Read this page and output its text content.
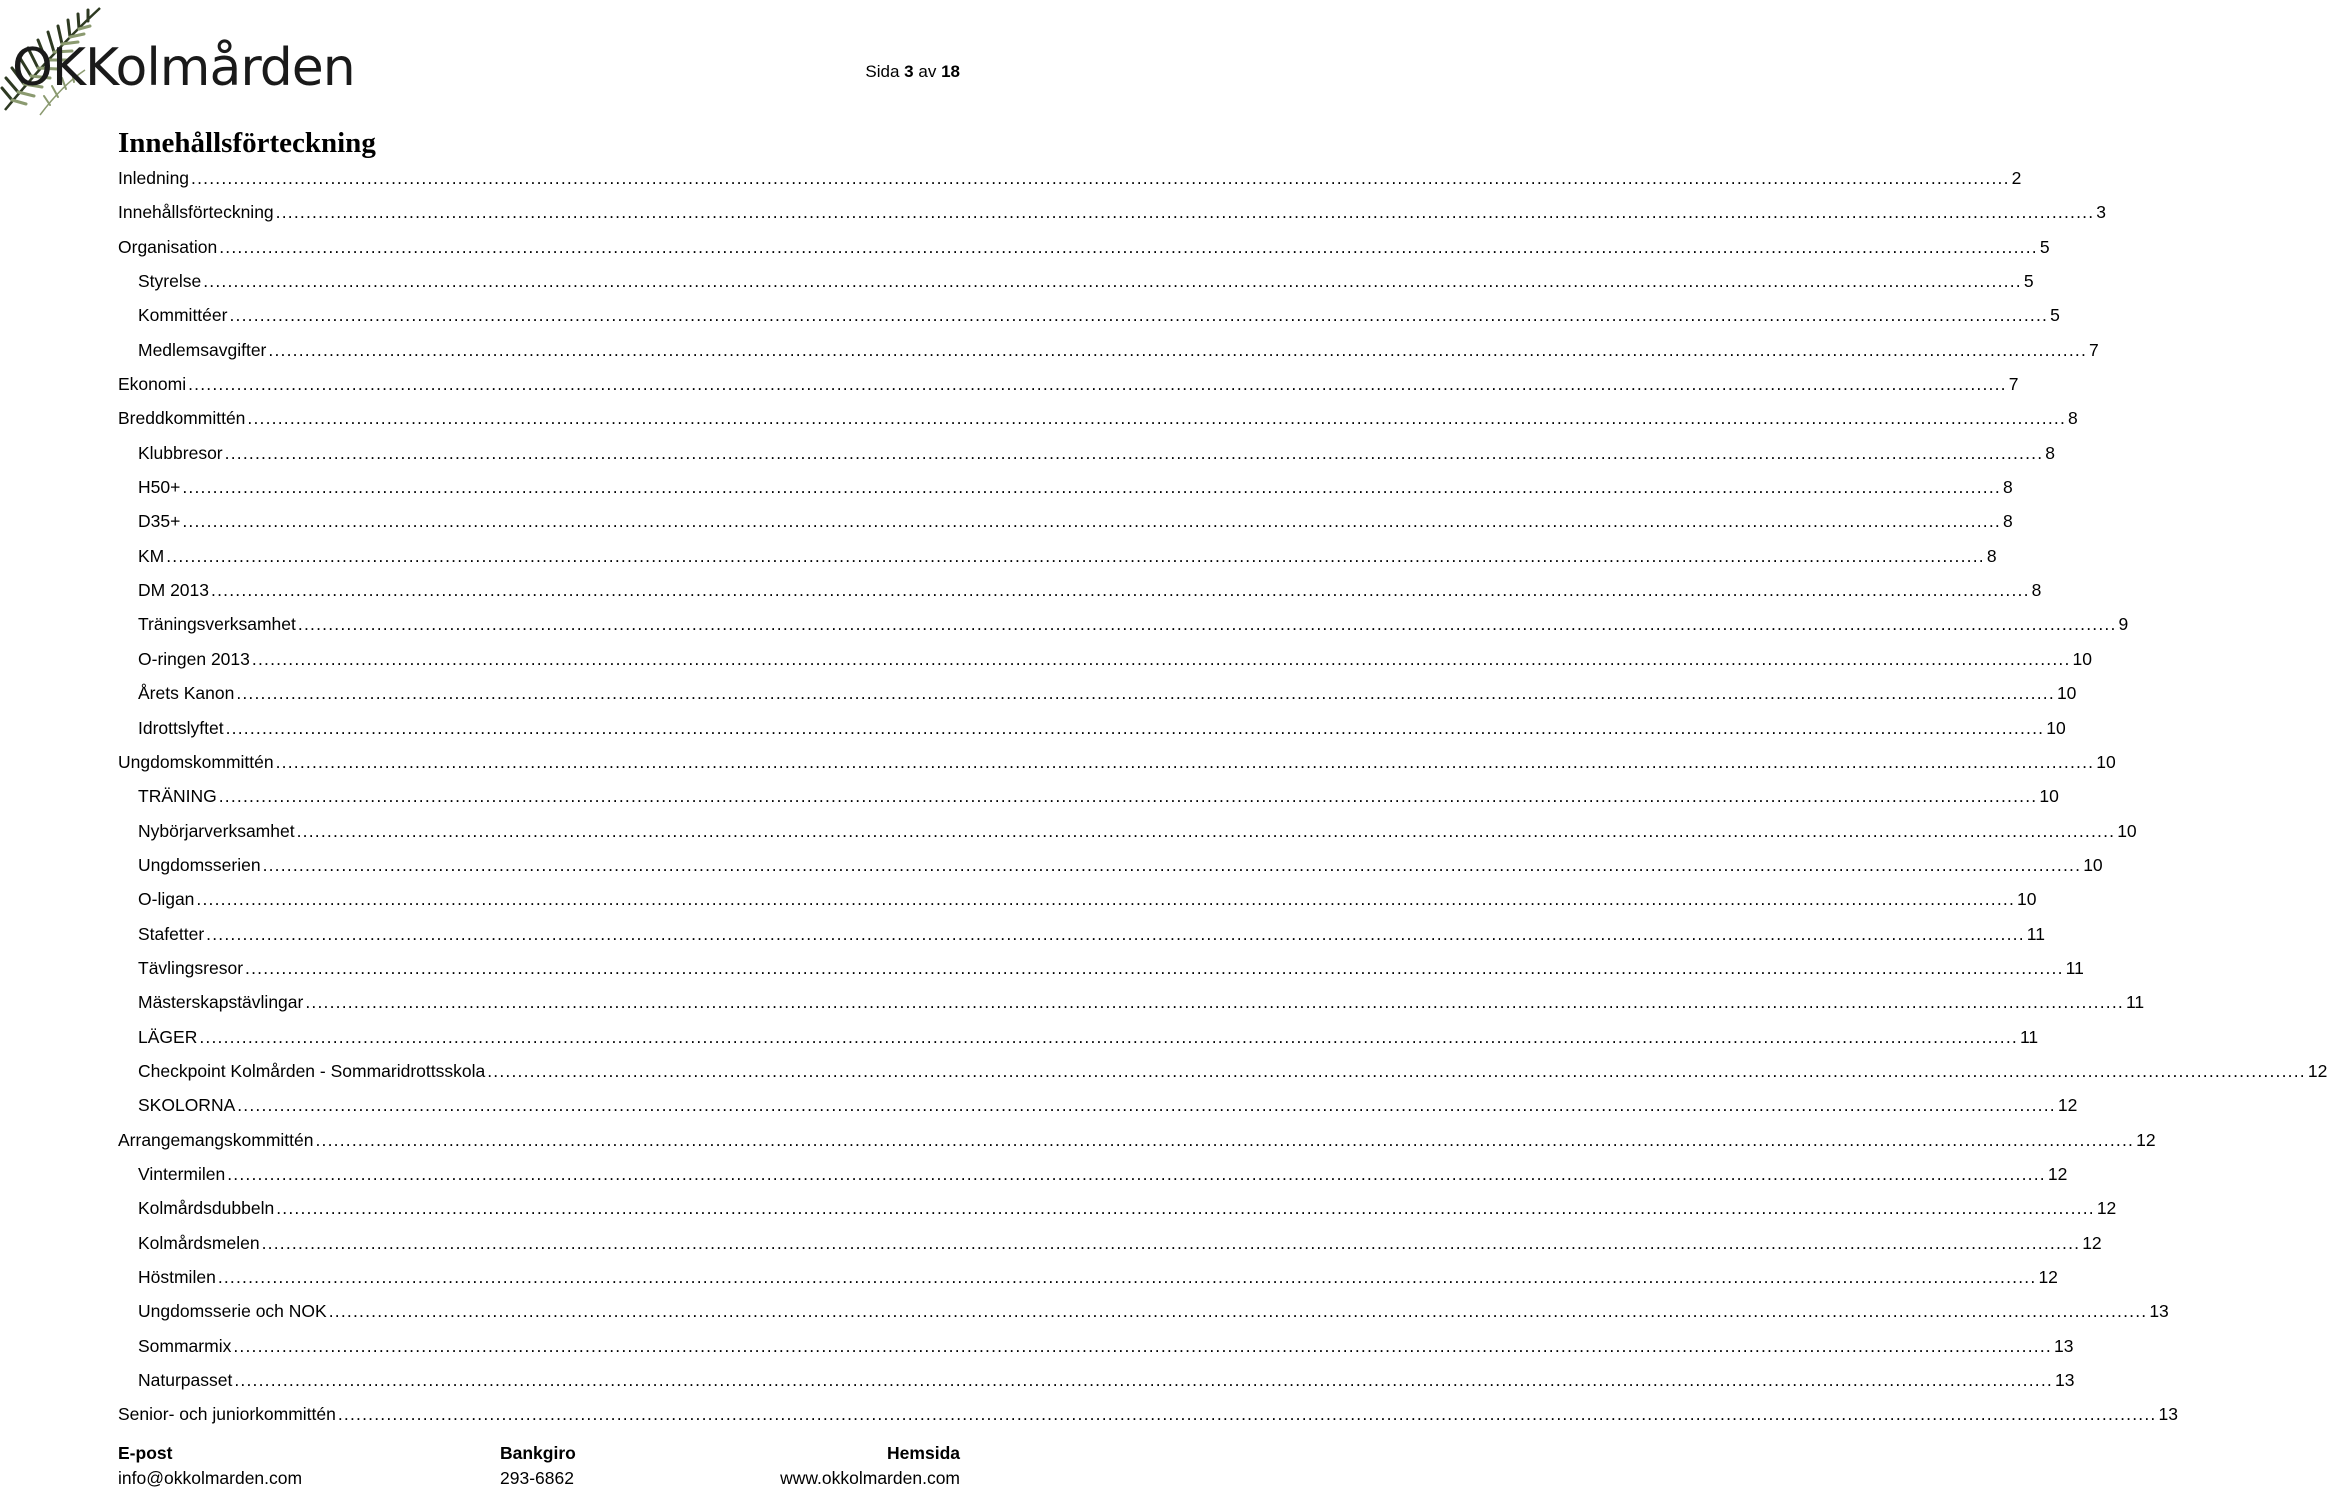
OKKolmården	Sida 3 av 18
Innehållsförteckning
Inledning ............................................................................................................................................................................................................................................................................................................ 2
Innehållsförteckning ............................................................................................................................................................................................................................................................................................................ 3
Organisation ............................................................................................................................................................................................................................................................................................................ 5
Styrelse ............................................................................................................................................................................................................................................................................................................ 5
Kommittéer ............................................................................................................................................................................................................................................................................................................ 5
Medlemsavgifter ............................................................................................................................................................................................................................................................................................................ 7
Ekonomi ............................................................................................................................................................................................................................................................................................................ 7
Breddkommittén ............................................................................................................................................................................................................................................................................................................ 8
Klubbresor ............................................................................................................................................................................................................................................................................................................ 8
H50+ ............................................................................................................................................................................................................................................................................................................ 8
D35+ ............................................................................................................................................................................................................................................................................................................ 8
KM ............................................................................................................................................................................................................................................................................................................ 8
DM 2013 ............................................................................................................................................................................................................................................................................................................ 8
Träningsverksamhet ............................................................................................................................................................................................................................................................................................................ 9
O-ringen 2013 ............................................................................................................................................................................................................................................................................................................ 10
Årets Kanon ............................................................................................................................................................................................................................................................................................................ 10
Idrottslyftet ............................................................................................................................................................................................................................................................................................................ 10
Ungdomskommittén ............................................................................................................................................................................................................................................................................................................ 10
TRÄNING ............................................................................................................................................................................................................................................................................................................ 10
Nybörjarverksamhet ............................................................................................................................................................................................................................................................................................................ 10
Ungdomsserien ............................................................................................................................................................................................................................................................................................................ 10
O-ligan ............................................................................................................................................................................................................................................................................................................ 10
Stafetter ............................................................................................................................................................................................................................................................................................................ 11
Tävlingsresor ............................................................................................................................................................................................................................................................................................................ 11
Mästerskapstävlingar ............................................................................................................................................................................................................................................................................................................ 11
LÄGER ............................................................................................................................................................................................................................................................................................................ 11
Checkpoint Kolmården - Sommaridrottsskola ............................................................................................................................................................................................................................................................................................................ 12
SKOLORNA ............................................................................................................................................................................................................................................................................................................ 12
Arrangemangskommittén ............................................................................................................................................................................................................................................................................................................ 12
Vintermilen ............................................................................................................................................................................................................................................................................................................ 12
Kolmårdsdubbeln ............................................................................................................................................................................................................................................................................................................ 12
Kolmårdsmelen ............................................................................................................................................................................................................................................................................................................ 12
Höstmilen ............................................................................................................................................................................................................................................................................................................ 12
Ungdomsserie och NOK ............................................................................................................................................................................................................................................................................................................ 13
Sommarmix ............................................................................................................................................................................................................................................................................................................ 13
Naturpasset ............................................................................................................................................................................................................................................................................................................ 13
Senior- och juniorkommittén ............................................................................................................................................................................................................................................................................................................ 13
E-post
info@okkolmarden.com
Bankgiro
293-6862
Hemsida
www.okkolmarden.com
